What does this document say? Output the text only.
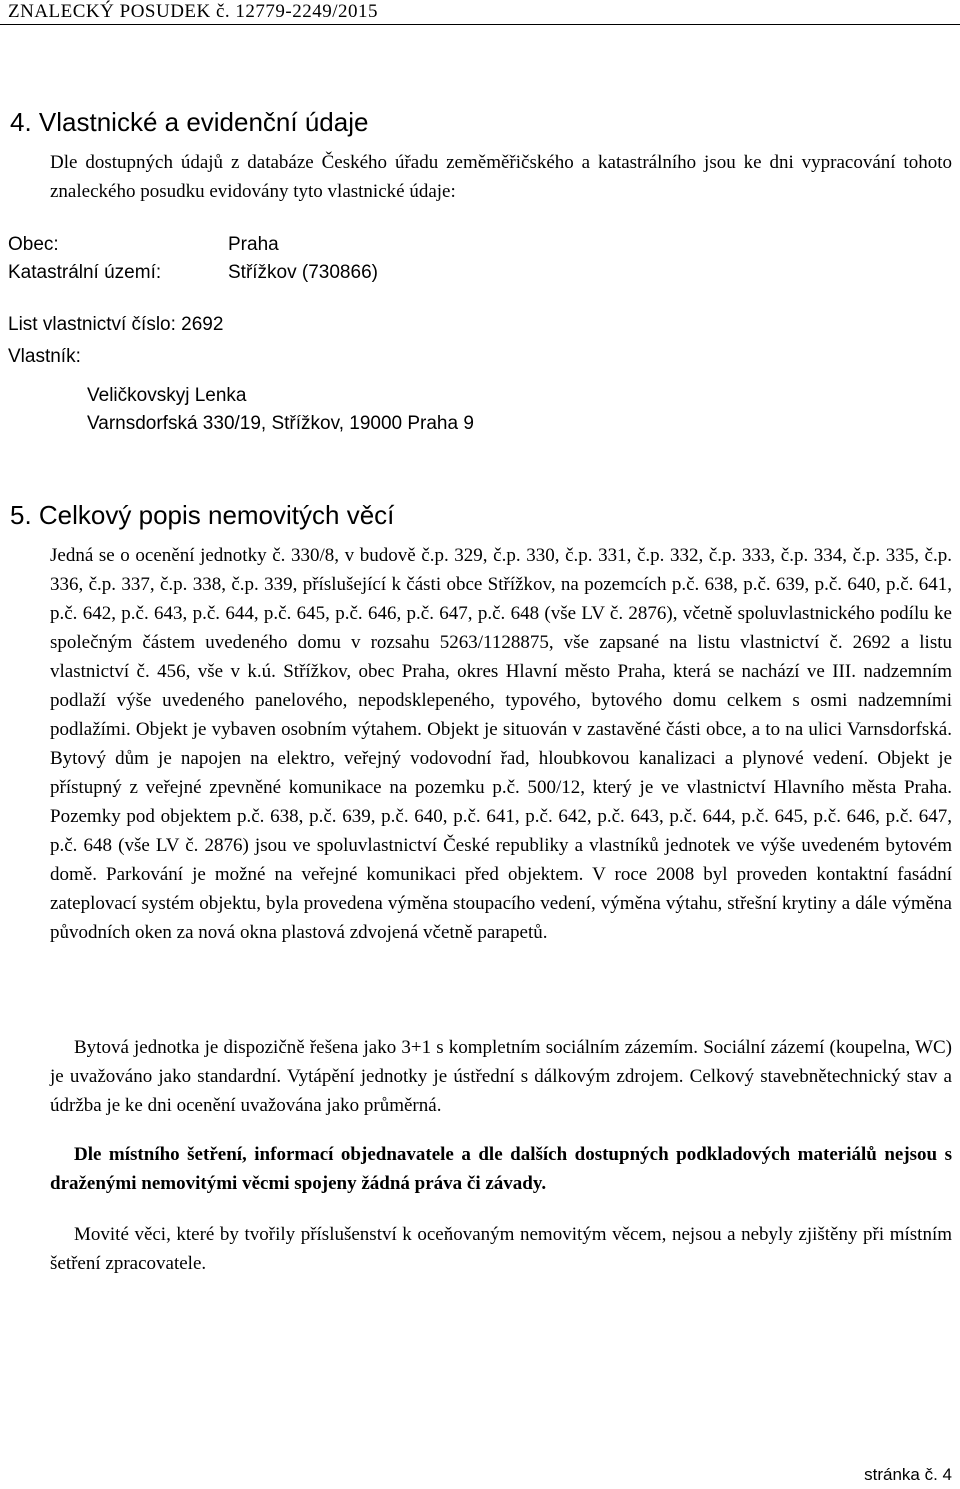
ZNALECKÝ POSUDEK č. 12779-2249/2015
4. Vlastnické a evidenční údaje

Dle dostupných údajů z databáze Českého úřadu zeměměřičského a katastrálního jsou ke dni vypracování tohoto znaleckého posudku evidovány tyto vlastnické údaje:

Obec:	Praha
Katastrální území:	Střížkov (730866)
List vlastnictví číslo: 2692
Vlastník:
Veličkovskyj Lenka
Varnsdorfská 330/19, Střížkov, 19000 Praha 9
5. Celkový popis nemovitých věcí

Jedná se o ocenění jednotky č. 330/8, v budově č.p. 329, č.p. 330, č.p. 331, č.p. 332, č.p. 333, č.p. 334, č.p. 335, č.p. 336, č.p. 337, č.p. 338, č.p. 339, příslušející k části obce Střížkov, na pozemcích p.č. 638, p.č. 639, p.č. 640, p.č. 641, p.č. 642, p.č. 643, p.č. 644, p.č. 645, p.č. 646, p.č. 647, p.č. 648 (vše LV č. 2876), včetně spoluvlastnického podílu ke společným částem uvedeného domu v rozsahu 5263/1128875, vše zapsané na listu vlastnictví č. 2692 a listu vlastnictví č. 456, vše v k.ú. Střížkov, obec Praha, okres Hlavní město Praha, která se nachází ve III. nadzemním podlaží výše uvedeného panelového, nepodsklepeného, typového, bytového domu celkem s osmi nadzemními podlažími. Objekt je vybaven osobním výtahem. Objekt je situován v zastavěné části obce, a to na ulici Varnsdorfská. Bytový dům je napojen na elektro, veřejný vodovodní řad, hloubkovou kanalizaci a plynové vedení. Objekt je přístupný z veřejné zpevněné komunikace na pozemku p.č. 500/12, který je ve vlastnictví Hlavního města Praha. Pozemky pod objektem p.č. 638, p.č. 639, p.č. 640, p.č. 641, p.č. 642, p.č. 643, p.č. 644, p.č. 645, p.č. 646, p.č. 647, p.č. 648 (vše LV č. 2876) jsou ve spoluvlastnictví České republiky a vlastníků jednotek ve výše uvedeném bytovém domě. Parkování je možné na veřejné komunikaci před objektem. V roce 2008 byl proveden kontaktní fasádní zateplovací systém objektu, byla provedena výměna stoupacího vedení, výměna výtahu, střešní krytiny a dále výměna původních oken za nová okna plastová zdvojená včetně parapetů.

Bytová jednotka je dispozičně řešena jako 3+1 s kompletním sociálním zázemím. Sociální zázemí (koupelna, WC) je uvažováno jako standardní. Vytápění jednotky je ústřední s dálkovým zdrojem. Celkový stavebnětechnický stav a údržba je ke dni ocenění uvažována jako průměrná.

Dle místního šetření, informací objednavatele a dle dalších dostupných podkladových materiálů nejsou s draženými nemovitými věcmi spojeny žádná práva či závady.

Movité věci, které by tvořily příslušenství k oceňovaným nemovitým věcem, nejsou a nebyly zjištěny při místním šetření zpracovatele.

stránka č. 4
